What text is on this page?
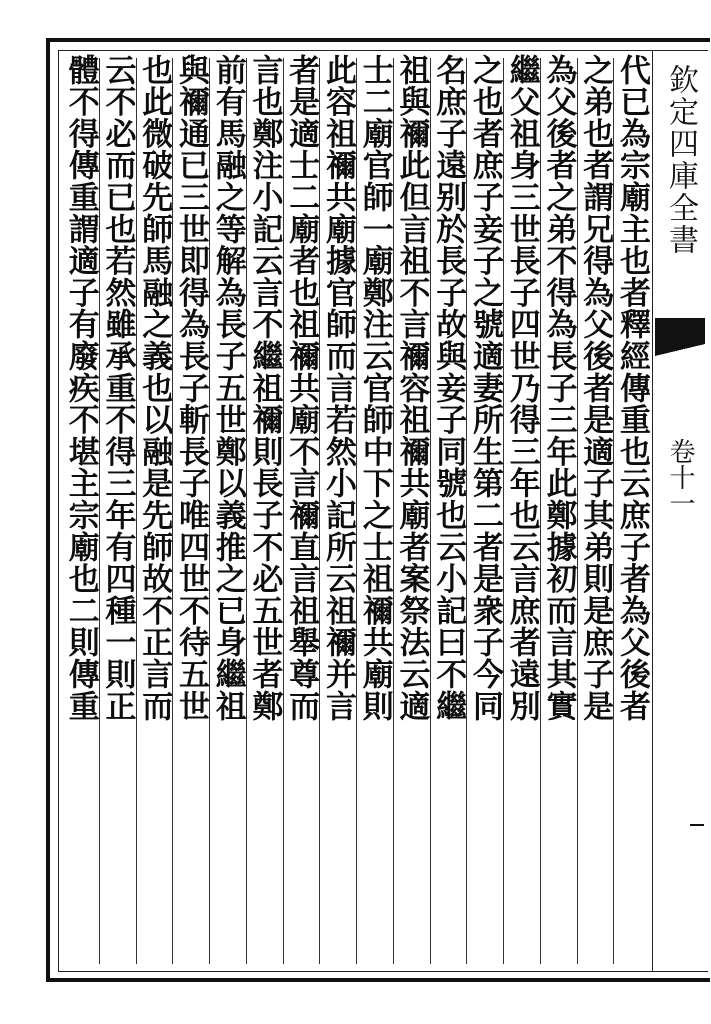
欽定四庫全書
卷十一
代已為宗廟主也者釋經傳重也云庶子者為父後者
之弟也者謂兄得為父後者是適子其弟則是庶子是
為父後者之弟不得為長子三年此鄭據初而言其實
繼父祖身三世長子四世乃得三年也云言庶者遠別
之也者庶子妾子之號適妻所生第二者是衆子今同
名庶子遠别於長子故與妾子同號也云小記曰不繼
祖與禰此但言祖不言禰容祖禰共廟者案祭法云適
士二廟官師一廟鄭注云官師中下之士祖禰共廟則
此容祖禰共廟據官師而言若然小記所云祖禰并言
者是適士二廟者也祖禰共廟不言禰直言祖舉尊而
言也鄭注小記云言不繼祖禰則長子不必五世者鄭
前有馬融之等解為長子五世鄭以義推之已身繼祖
與禰通已三世即得為長子斬長子唯四世不待五世
也此微破先師馬融之義也以融是先師故不正言而
云不必而已也若然雖承重不得三年有四種一則正
體不得傳重謂適子有廢疾不堪主宗廟也二則傳重
